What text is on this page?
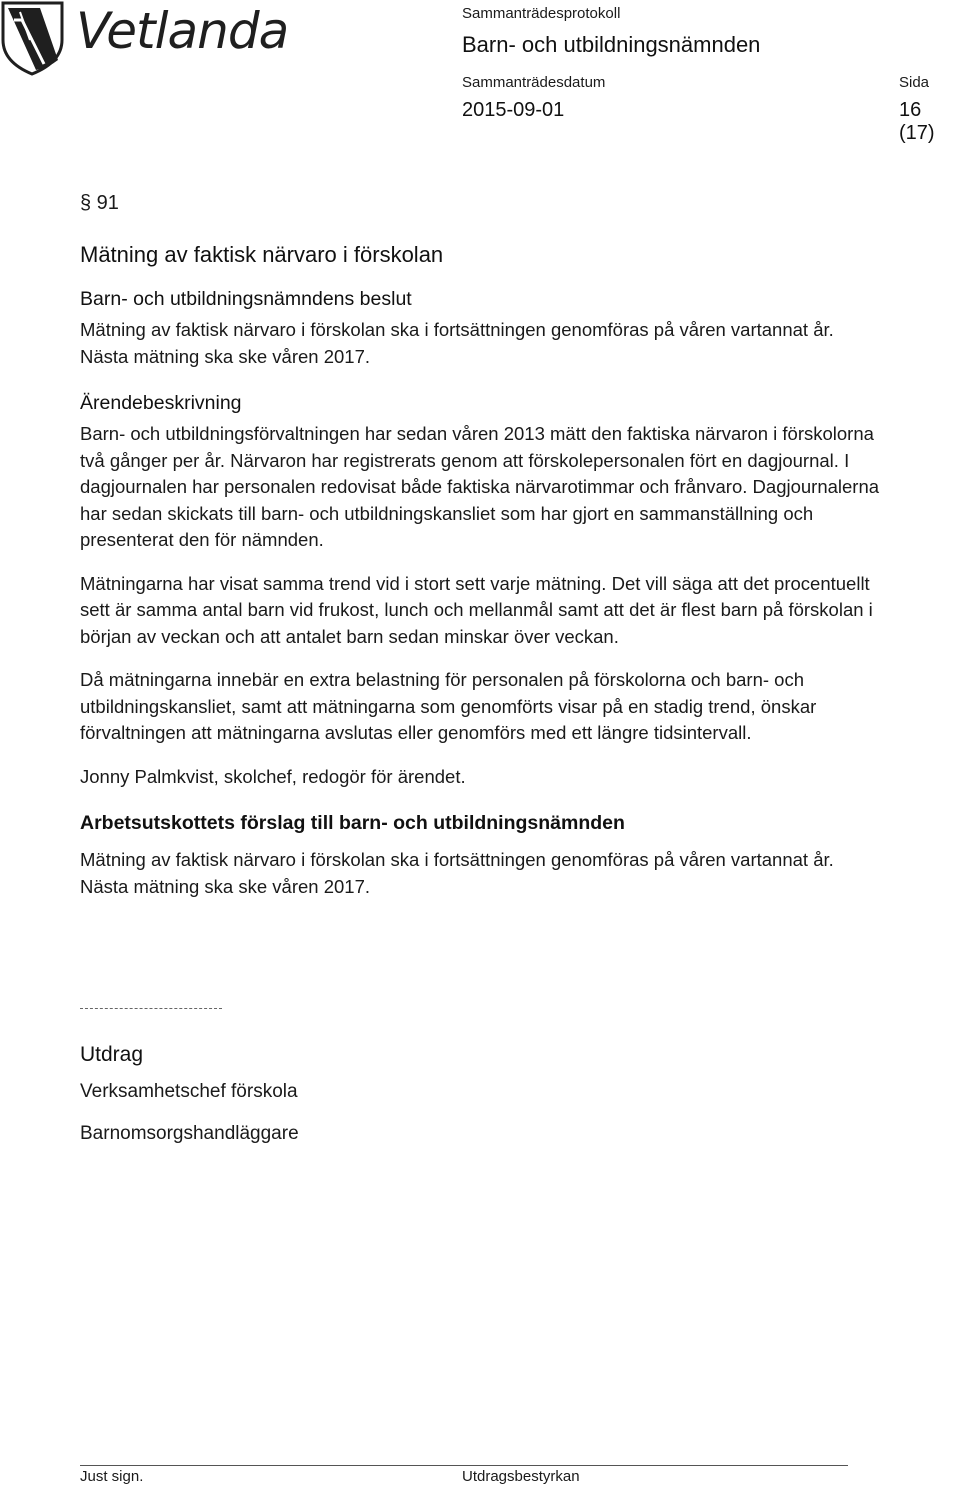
Vetlanda	Sammanträdesprotokoll
Barn- och utbildningsnämnden
Sammanträdesdatum	Sida
2015-09-01	16 (17)

§ 91

Mätning av faktisk närvaro i förskolan
Barn- och utbildningsnämndens beslut

Mätning av faktisk närvaro i förskolan ska i fortsättningen genomföras på våren vartannat år. Nästa mätning ska ske våren 2017.

Ärendebeskrivning

Barn- och utbildningsförvaltningen har sedan våren 2013 mätt den faktiska närvaron i förskolorna två gånger per år. Närvaron har registrerats genom att förskolepersonalen fört en dagjournal. I dagjournalen har personalen redovisat både faktiska närvarotimmar och frånvaro. Dagjournalerna har sedan skickats till barn- och utbildningskansliet som har gjort en sammanställning och presenterat den för nämnden.

Mätningarna har visat samma trend vid i stort sett varje mätning. Det vill säga att det procentuellt sett är samma antal barn vid frukost, lunch och mellanmål samt att det är flest barn på förskolan i början av veckan och att antalet barn sedan minskar över veckan.

Då mätningarna innebär en extra belastning för personalen på förskolorna och barn- och utbildningskansliet, samt att mätningarna som genomförts visar på en stadig trend, önskar förvaltningen att mätningarna avslutas eller genomförs med ett längre tidsintervall.

Jonny Palmkvist, skolchef, redogör för ärendet.

Arbetsutskottets förslag till barn- och utbildningsnämnden

Mätning av faktisk närvaro i förskolan ska i fortsättningen genomföras på våren vartannat år. Nästa mätning ska ske våren 2017.

Utdrag
Verksamhetschef förskola
Barnomsorgshandläggare
Just sign.	Utdragsbestyrkan
